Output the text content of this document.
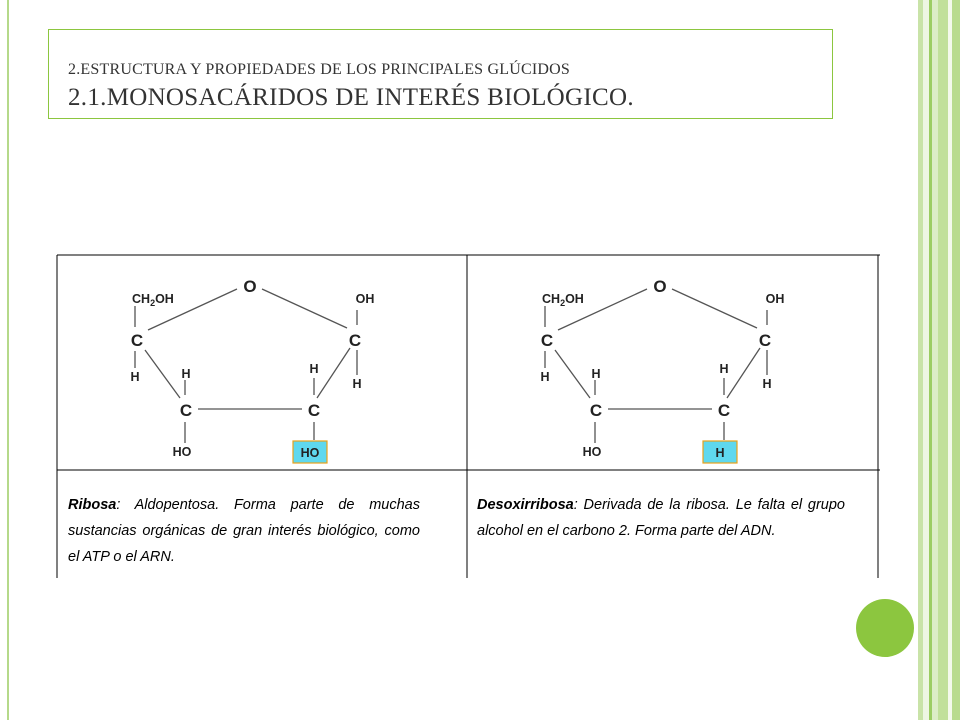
2.ESTRUCTURA Y PROPIEDADES DE LOS PRINCIPALES GLÚCIDOS
2.1.MONOSACÁRIDOS DE INTERÉS BIOLÓGICO.
O
$CH_2OH$
C
H	H
C
HO
OH
C
H
H
C
HO
O
$CH_2OH$
C
H	H
C
HO
OH
C
H
H
C
H
Ribosa: Aldopentosa. Forma parte de muchas sustancias orgánicas de gran interés biológico, como el ATP o el ARN.
Desoxirribosa: Derivada de la ribosa. Le falta el grupo alcohol en el carbono 2. Forma parte del ADN.
